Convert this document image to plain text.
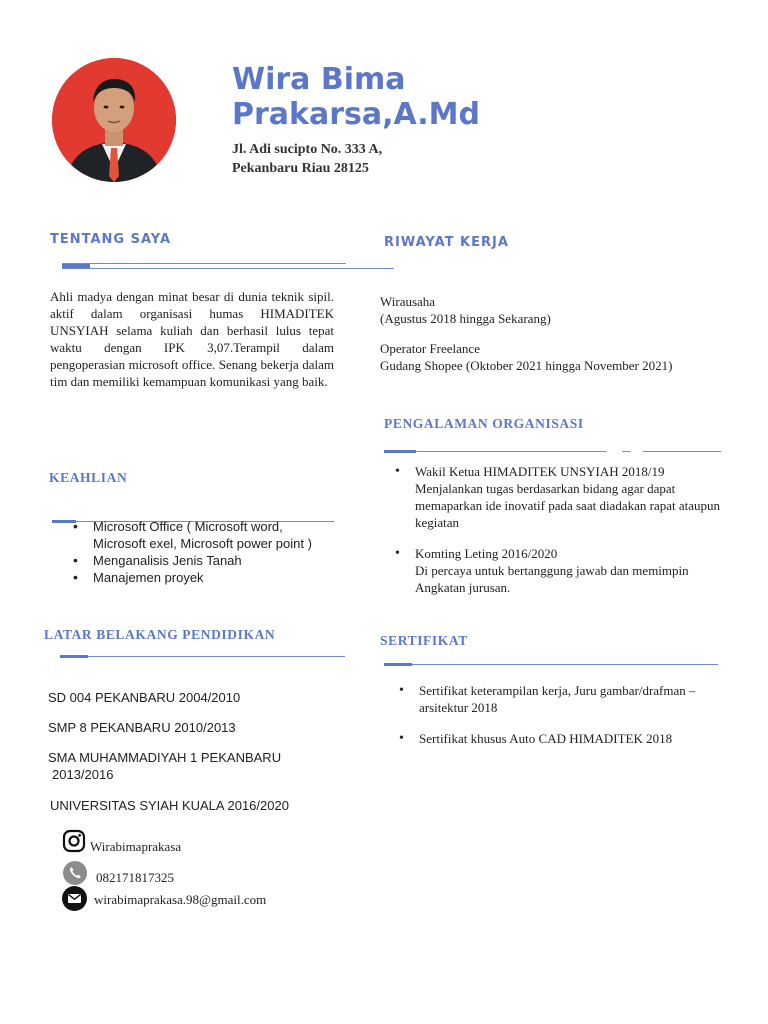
Wira Bima
Prakarsa,A.Md
Jl. Adi sucipto No. 333 A,
Pekanbaru Riau 28125
TENTANG SAYA
Ahli madya dengan minat besar di dunia teknik sipil. aktif dalam organisasi humas HIMADITEK UNSYIAH selama kuliah dan berhasil lulus tepat waktu dengan IPK 3,07.Terampil dalam pengoperasian microsoft office. Senang bekerja dalam tim dan memiliki kemampuan komunikasi yang baik.
RIWAYAT KERJA
Wirausaha
(Agustus 2018 hingga Sekarang)
Operator Freelance
Gudang Shopee (Oktober 2021 hingga November 2021)
PENGALAMAN ORGANISASI
• Wakil Ketua HIMADITEK UNSYIAH 2018/19
Menjalankan tugas berdasarkan bidang agar dapat memaparkan ide inovatif pada saat diadakan rapat ataupun kegiatan
• Komting Leting 2016/2020
Di percaya untuk bertanggung jawab dan memimpin Angkatan jurusan.
KEAHLIAN
• Microsoft Office ( Microsoft word, Microsoft exel, Microsoft power point )
• Menganalisis Jenis Tanah
• Manajemen proyek
LATAR BELAKANG PENDIDIKAN
SD 004 PEKANBARU 2004/2010
SMP 8 PEKANBARU 2010/2013
SMA MUHAMMADIYAH 1 PEKANBARU
2013/2016
UNIVERSITAS SYIAH KUALA 2016/2020
SERTIFIKAT
• Sertifikat keterampilan kerja, Juru gambar/drafman – arsitektur 2018
• Sertifikat khusus Auto CAD HIMADITEK 2018
Wirabimaprakasa
082171817325
wirabimaprakasa.98@gmail.com
